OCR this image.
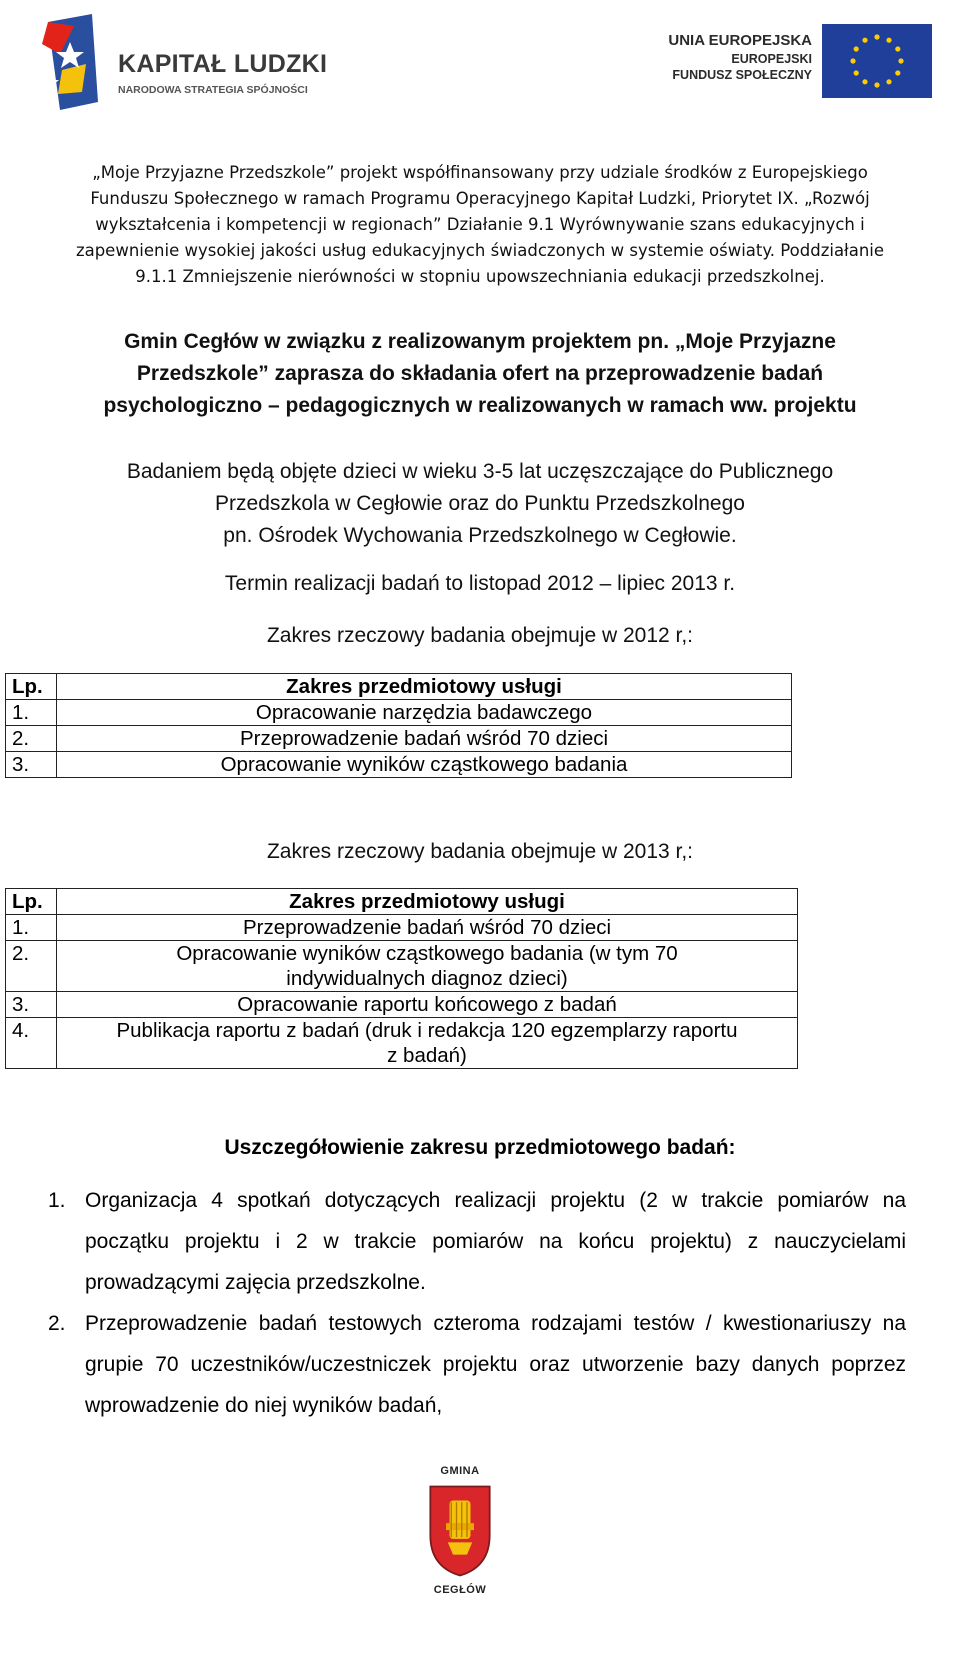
KAPITAŁ LUDZKI
NARODOWA STRATEGIA SPÓJNOŚCI
UNIA EUROPEJSKA
EUROPEJSKI
FUNDUSZ SPOŁECZNY
„Moje Przyjazne Przedszkole” projekt współfinansowany przy udziale środków z Europejskiego
Funduszu Społecznego w ramach Programu Operacyjnego Kapitał Ludzki, Priorytet IX. „Rozwój
wykształcenia i kompetencji w regionach” Działanie 9.1 Wyrównywanie szans edukacyjnych i
zapewnienie wysokiej jakości usług edukacyjnych świadczonych w systemie oświaty. Poddziałanie
9.1.1 Zmniejszenie nierówności w stopniu upowszechniania edukacji przedszkolnej.
Gmin Cegłów w związku z realizowanym projektem pn. „Moje Przyjazne
Przedszkole” zaprasza do składania ofert na przeprowadzenie badań
psychologiczno – pedagogicznych w realizowanych w ramach ww. projektu
Badaniem będą objęte dzieci w wieku 3-5 lat uczęszczające do Publicznego
Przedszkola w Cegłowie oraz do Punktu Przedszkolnego
pn. Ośrodek Wychowania Przedszkolnego w Cegłowie.
Termin realizacji badań to listopad 2012 – lipiec 2013 r.
Zakres rzeczowy badania obejmuje w 2012 r,:
Lp.	Zakres przedmiotowy usługi
1.	Opracowanie narzędzia badawczego
2.	Przeprowadzenie badań wśród 70 dzieci
3.	Opracowanie wyników cząstkowego badania
Zakres rzeczowy badania obejmuje w 2013 r,:
Lp.	Zakres przedmiotowy usługi
1.	Przeprowadzenie badań wśród 70 dzieci

2.	Opracowanie wyników cząstkowego badania (w tym 70
indywidualnych diagnoz dzieci)

3.	Opracowanie raportu końcowego z badań

4.	Publikacja raportu z badań (druk i redakcja 120 egzemplarzy raportu
z badań)
Uszczegółowienie zakresu przedmiotowego badań:
1. Organizacja 4 spotkań dotyczących realizacji projektu (2 w trakcie pomiarów na początku projektu i 2 w trakcie pomiarów na końcu projektu) z nauczycielami prowadzącymi zajęcia przedszkolne.
2. Przeprowadzenie badań testowych czteroma rodzajami testów / kwestionariuszy na grupie 70 uczestników/uczestniczek projektu oraz utworzenie bazy danych poprzez wprowadzenie do niej wyników badań,
GMINA
CEGŁÓW
